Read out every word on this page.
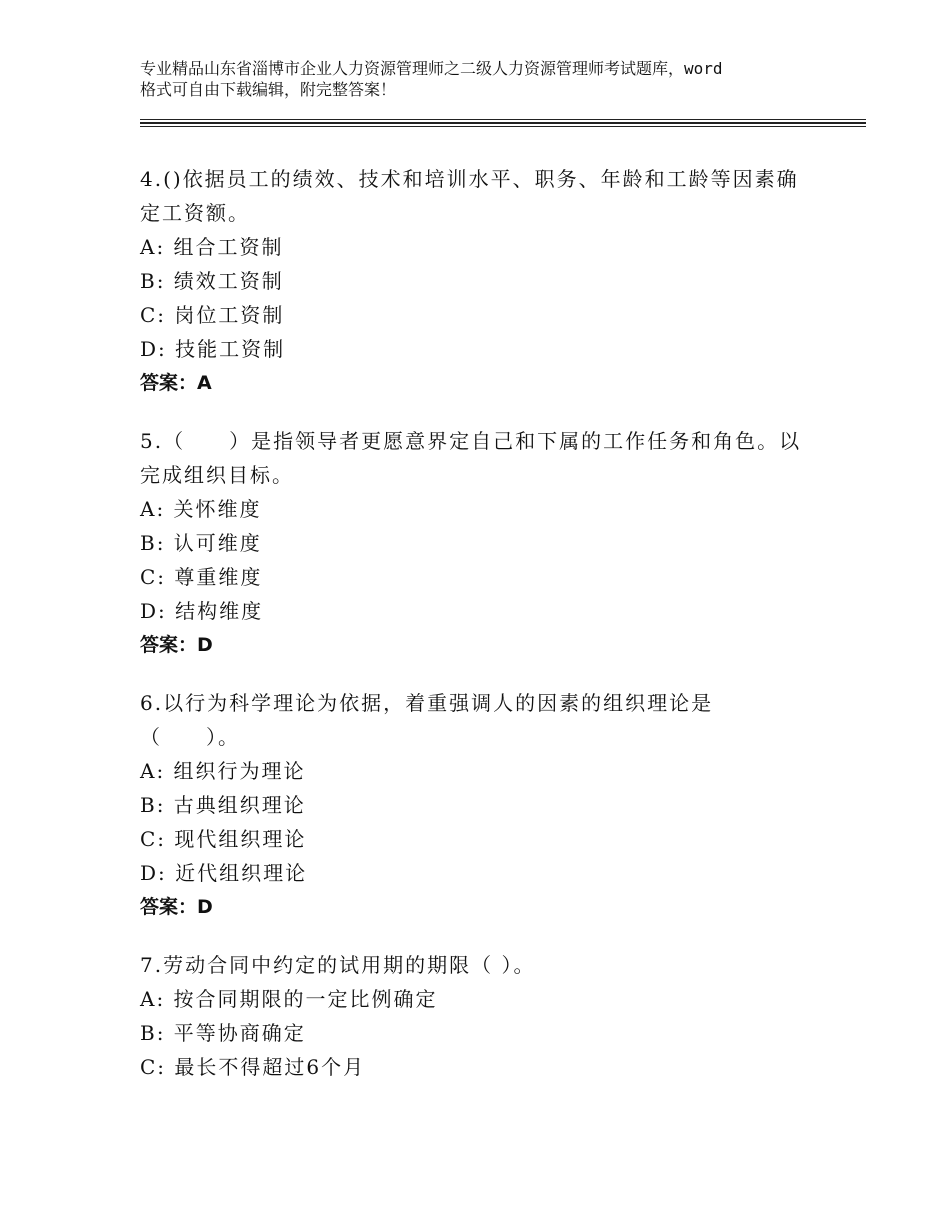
专业精品山东省淄博市企业人力资源管理师之二级人力资源管理师考试题库，word
格式可自由下载编辑，附完整答案！
4.()依据员工的绩效、技术和培训水平、职务、年龄和工龄等因素确
定工资额。
A: 组合工资制
B: 绩效工资制
C: 岗位工资制
D: 技能工资制
答案：A
5.（　　）是指领导者更愿意界定自己和下属的工作任务和角色。以
完成组织目标。
A: 关怀维度
B: 认可维度
C: 尊重维度
D: 结构维度
答案：D
6.以行为科学理论为依据，着重强调人的因素的组织理论是
（　　）。
A: 组织行为理论
B: 古典组织理论
C: 现代组织理论
D: 近代组织理论
答案：D
7.劳动合同中约定的试用期的期限（ ）。
A: 按合同期限的一定比例确定
B: 平等协商确定
C: 最长不得超过6个月
